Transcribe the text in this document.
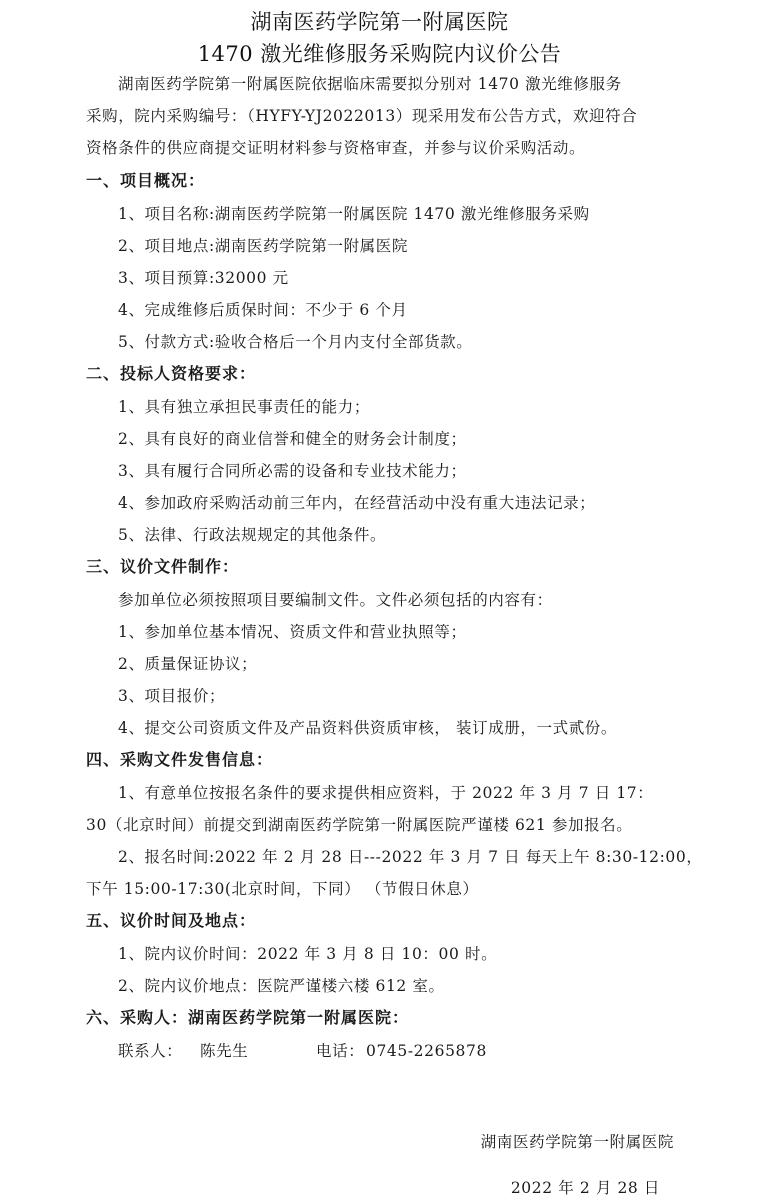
湖南医药学院第一附属医院
1470 激光维修服务采购院内议价公告
湖南医药学院第一附属医院依据临床需要拟分别对 1470 激光维修服务
采购，院内采购编号：（HYFY-YJ2022013）现采用发布公告方式，欢迎符合
资格条件的供应商提交证明材料参与资格审查，并参与议价采购活动。
一、项目概况：
1、项目名称:湖南医药学院第一附属医院 1470 激光维修服务采购
2、项目地点:湖南医药学院第一附属医院
3、项目预算:32000 元
4、完成维修后质保时间：不少于 6 个月
5、付款方式:验收合格后一个月内支付全部货款。
二、投标人资格要求：
1、具有独立承担民事责任的能力；
2、具有良好的商业信誉和健全的财务会计制度；
3、具有履行合同所必需的设备和专业技术能力；
4、参加政府采购活动前三年内，在经营活动中没有重大违法记录；
5、法律、行政法规规定的其他条件。
三、议价文件制作：
参加单位必须按照项目要编制文件。文件必须包括的内容有：
1、参加单位基本情况、资质文件和营业执照等；
2、质量保证协议；
3、项目报价；
4、提交公司资质文件及产品资料供资质审核， 装订成册，一式贰份。
四、采购文件发售信息：
1、有意单位按报名条件的要求提供相应资料，于 2022 年 3 月 7 日 17：
30（北京时间）前提交到湖南医药学院第一附属医院严谨楼 621 参加报名。
2、报名时间:2022 年 2 月 28 日---2022 年 3 月 7 日 每天上午 8:30-12:00，
下午 15:00-17:30(北京时间，下同） （节假日休息）
五、议价时间及地点：
1、院内议价时间：2022 年 3 月 8 日 10：00 时。
2、院内议价地点：医院严谨楼六楼 612 室。
六、采购人：湖南医药学院第一附属医院：
联系人： 陈先生	电话： 0745-2265878
湖南医药学院第一附属医院
2022 年 2 月 28 日
